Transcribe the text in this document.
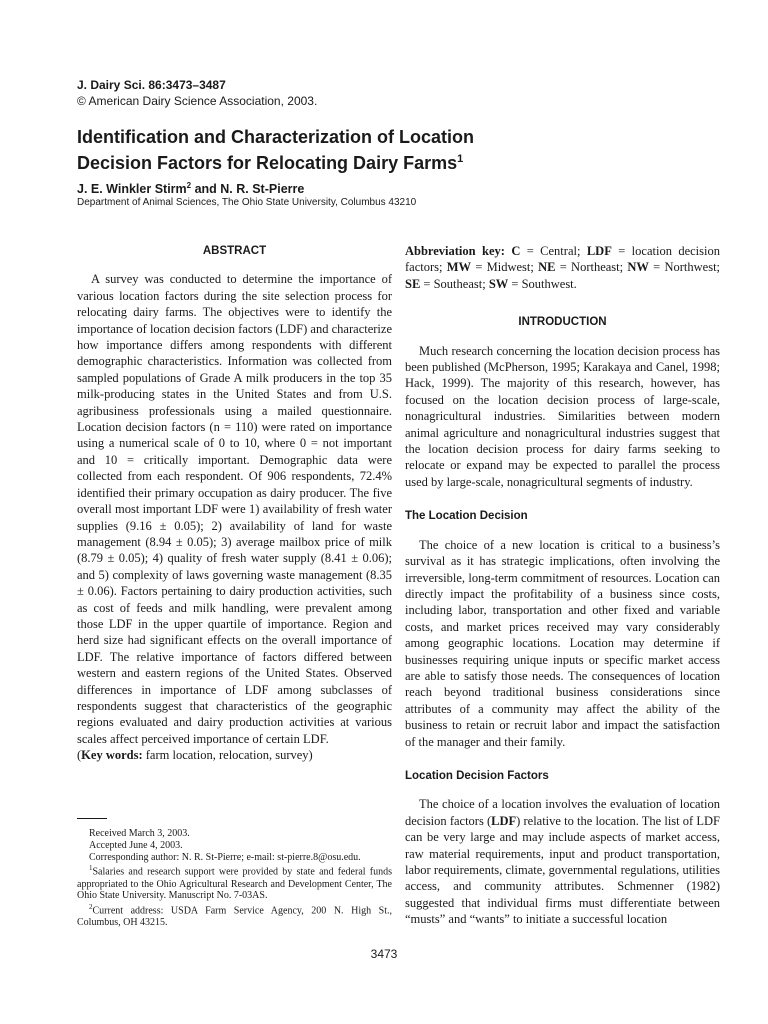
J. Dairy Sci. 86:3473–3487
© American Dairy Science Association, 2003.
Identification and Characterization of Location
Decision Factors for Relocating Dairy Farms$^1$
J. E. Winkler Stirm$^2$ and N. R. St-Pierre
Department of Animal Sciences, The Ohio State University, Columbus 43210
ABSTRACT

A survey was conducted to determine the importance of various location factors during the site selection process for relocating dairy farms. The objectives were to identify the importance of location decision factors (LDF) and characterize how importance differs among respondents with different demographic characteristics. Information was collected from sampled populations of Grade A milk producers in the top 35 milk-producing states in the United States and from U.S. agribusiness professionals using a mailed questionnaire. Location decision factors (n = 110) were rated on importance using a numerical scale of 0 to 10, where 0 = not important and 10 = critically important. Demographic data were collected from each respondent. Of 906 respondents, 72.4% identified their primary occupation as dairy producer. The five overall most important LDF were 1) availability of fresh water supplies (9.16 ± 0.05); 2) availability of land for waste management (8.94 ± 0.05); 3) average mailbox price of milk (8.79 ± 0.05); 4) quality of fresh water supply (8.41 ± 0.06); and 5) complexity of laws governing waste management (8.35 ± 0.06). Factors pertaining to dairy production activities, such as cost of feeds and milk handling, were prevalent among those LDF in the upper quartile of importance. Region and herd size had significant effects on the overall importance of LDF. The relative importance of factors differed between western and eastern regions of the United States. Observed differences in importance of LDF among subclasses of respondents suggest that characteristics of the geographic regions evaluated and dairy production activities at various scales affect perceived importance of certain LDF.
(Key words: farm location, relocation, survey)

Received March 3, 2003.
Accepted June 4, 2003.
Corresponding author: N. R. St-Pierre; e-mail: st-pierre.8@osu.edu.
$^1$Salaries and research support were provided by state and federal funds appropriated to the Ohio Agricultural Research and Development Center, The Ohio State University. Manuscript No. 7-03AS.
$^2$Current address: USDA Farm Service Agency, 200 N. High St., Columbus, OH 43215.

Abbreviation key: C = Central; LDF = location decision factors; MW = Midwest; NE = Northeast; NW = Northwest; SE = Southeast; SW = Southwest.

INTRODUCTION

Much research concerning the location decision process has been published (McPherson, 1995; Karakaya and Canel, 1998; Hack, 1999). The majority of this research, however, has focused on the location decision process of large-scale, nonagricultural industries. Similarities between modern animal agriculture and nonagricultural industries suggest that the location decision process for dairy farms seeking to relocate or expand may be expected to parallel the process used by large-scale, nonagricultural segments of industry.

The Location Decision

The choice of a new location is critical to a business’s survival as it has strategic implications, often involving the irreversible, long-term commitment of resources. Location can directly impact the profitability of a business since costs, including labor, transportation and other fixed and variable costs, and market prices received may vary considerably among geographic locations. Location may determine if businesses requiring unique inputs or specific market access are able to satisfy those needs. The consequences of location reach beyond traditional business considerations since attributes of a community may affect the ability of the business to retain or recruit labor and impact the satisfaction of the manager and their family.

Location Decision Factors

The choice of a location involves the evaluation of location decision factors (LDF) relative to the location. The list of LDF can be very large and may include aspects of market access, raw material requirements, input and product transportation, labor requirements, climate, governmental regulations, utilities access, and community attributes. Schmenner (1982) suggested that individual firms must differentiate between “musts” and “wants” to initiate a successful location

3473
